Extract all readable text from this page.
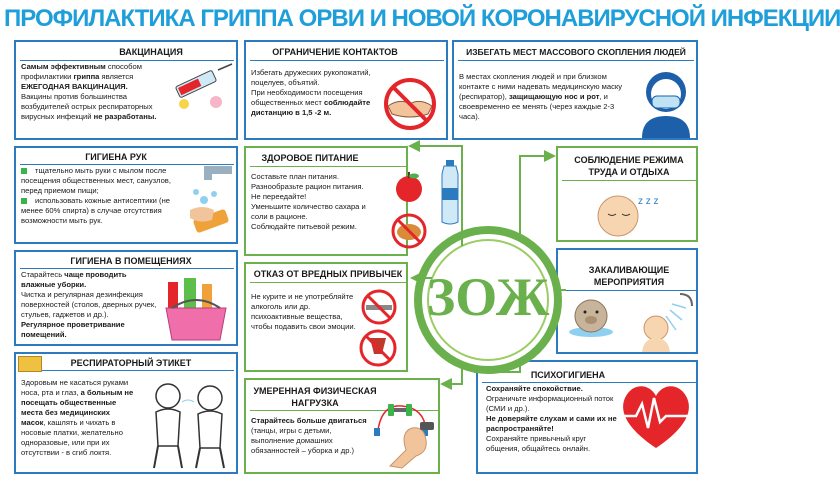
ПРОФИЛАКТИКА ГРИППА ОРВИ И НОВОЙ КОРОНАВИРУСНОЙ ИНФЕКЦИИ
ВАКЦИНАЦИЯ
Самым эффективным способом профилактики гриппа является ЕЖЕГОДНАЯ ВАКЦИНАЦИЯ.
Вакцины против большинства возбудителей острых респираторных вирусных инфекций не разработаны.
ОГРАНИЧЕНИЕ КОНТАКТОВ
Избегать дружеских рукопожатий, поцелуев, объятий.
При необходимости посещения общественных мест соблюдайте дистанцию в 1,5 -2 м.
ИЗБЕГАТЬ МЕСТ МАССОВОГО СКОПЛЕНИЯ ЛЮДЕЙ
В местах скопления людей и при близком контакте с ними надевать медицинскую маску (респиратор), защищающую нос и рот, и своевременно ее менять (через каждые 2-3 часа).
ГИГИЕНА РУК
тщательно мыть руки с мылом после посещения общественных мест, санузлов, перед приемом пищи;
использовать кожные антисептики (не менее 60% спирта) в случае отсутствия возможности мыть рук.
ЗДОРОВОЕ ПИТАНИЕ
Составьте план питания.
Разнообразьте рацион питания.
Не переедайте!
Уменьшите количество сахара и соли в рационе.
Соблюдайте питьевой режим.
СОБЛЮДЕНИЕ РЕЖИМА ТРУДА И ОТДЫХА
z z z
ГИГИЕНА В ПОМЕЩЕНИЯХ
Старайтесь чаще проводить влажные уборки.
Чистка и регулярная дезинфекция поверхностей (столов, дверных ручек, стульев, гаджетов и др.).
Регулярное проветривание помещений.
ОТКАЗ ОТ ВРЕДНЫХ ПРИВЫЧЕК
Не курите и не употребляйте алкоголь или др. психоактивные вещества, чтобы подавить свои эмоции.
ЗАКАЛИВАЮЩИЕ МЕРОПРИЯТИЯ
РЕСПИРАТОРНЫЙ ЭТИКЕТ
Здоровым не касаться руками носа, рта и глаз, а больным не посещать общественные места без медицинских масок, кашлять и чихать в носовые платки, желательно одноразовые, или при их отсутствии - в сгиб локтя.
УМЕРЕННАЯ ФИЗИЧЕСКАЯ НАГРУЗКА
Старайтесь больше двигаться (танцы, игры с детьми, выполнение домашних обязанностей – уборка и др.)
ПСИХОГИГИЕНА
Сохраняйте спокойствие.
Ограничьте информационный поток (СМИ и др.).
Не доверяйте слухам и сами их не распространяйте!
Сохраняйте привычный круг общения, общайтесь онлайн.
ЗОЖ
